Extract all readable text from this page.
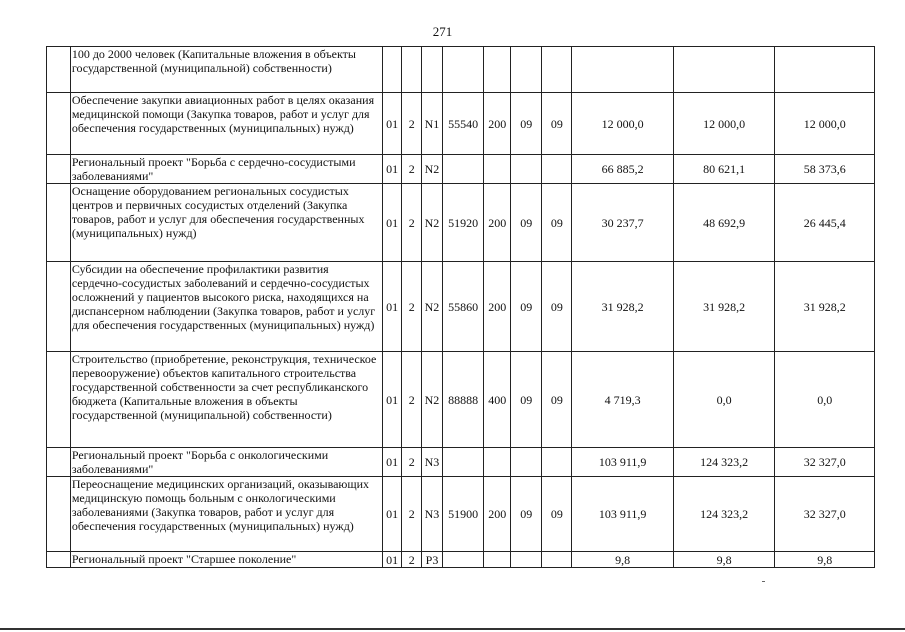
271
	100 до 2000 человек (Капитальные вложения в объекты государственной (муниципальной) собственности)										
	Обеспечение закупки авиационных работ в целях оказания медицинской помощи (Закупка товаров, работ и услуг для обеспечения государственных (муниципальных) нужд)	01	2	N1	55540	200	09	09	12 000,0	12 000,0	12 000,0
	Региональный проект "Борьба с сердечно-сосудистыми заболеваниями"	01	2	N2					66 885,2	80 621,1	58 373,6
	Оснащение оборудованием региональных сосудистых центров и первичных сосудистых отделений (Закупка товаров, работ и услуг для обеспечения государственных (муниципальных) нужд)	01	2	N2	51920	200	09	09	30 237,7	48 692,9	26 445,4
	Субсидии на обеспечение профилактики развития сердечно-сосудистых заболеваний и сердечно-сосудистых осложнений у пациентов высокого риска, находящихся на диспансерном наблюдении (Закупка товаров, работ и услуг для обеспечения государственных (муниципальных) нужд)	01	2	N2	55860	200	09	09	31 928,2	31 928,2	31 928,2
	Строительство (приобретение, реконструкция, техническое перевооружение) объектов капитального строительства государственной собственности за счет республиканского бюджета (Капитальные вложения в объекты государственной (муниципальной) собственности)	01	2	N2	88888	400	09	09	4 719,3	0,0	0,0
	Региональный проект "Борьба с онкологическими заболеваниями"	01	2	N3					103 911,9	124 323,2	32 327,0
	Переоснащение медицинских организаций, оказывающих медицинскую помощь больным с онкологическими заболеваниями (Закупка товаров, работ и услуг для обеспечения государственных (муниципальных) нужд)	01	2	N3	51900	200	09	09	103 911,9	124 323,2	32 327,0
	Региональный проект "Старшее поколение"	01	2	P3					9,8	9,8	9,8
